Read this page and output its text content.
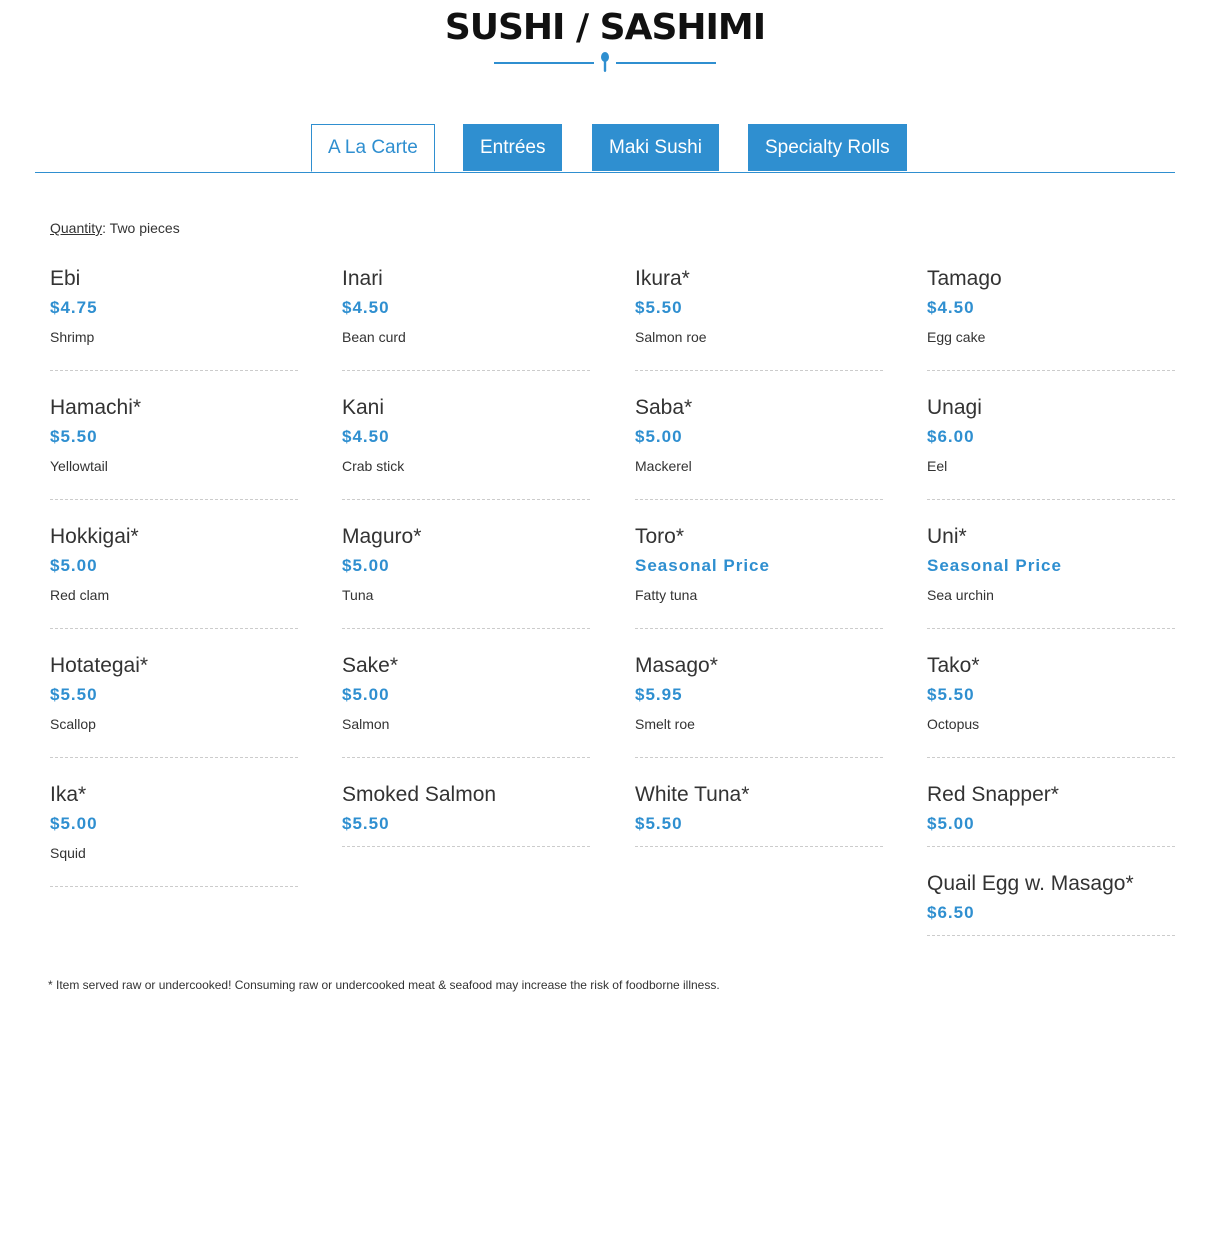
SUSHI / SASHIMI
A La Carte	Entrées	Maki Sushi	Specialty Rolls
Quantity: Two pieces
Ebi
$4.75
Shrimp
Hamachi*
$5.50
Yellowtail
Hokkigai*
$5.00
Red clam
Hotategai*
$5.50
Scallop
Ika*
$5.00
Squid
Inari
$4.50
Bean curd
Kani
$4.50
Crab stick
Maguro*
$5.00
Tuna
Sake*
$5.00
Salmon
Smoked Salmon
$5.50
Ikura*
$5.50
Salmon roe
Saba*
$5.00
Mackerel
Toro*
Seasonal Price
Fatty tuna
Masago*
$5.95
Smelt roe
White Tuna*
$5.50
Tamago
$4.50
Egg cake
Unagi
$6.00
Eel
Uni*
Seasonal Price
Sea urchin
Tako*
$5.50
Octopus
Red Snapper*
$5.00
Quail Egg w. Masago*
$6.50
* Item served raw or undercooked! Consuming raw or undercooked meat & seafood may increase the risk of foodborne illness.
